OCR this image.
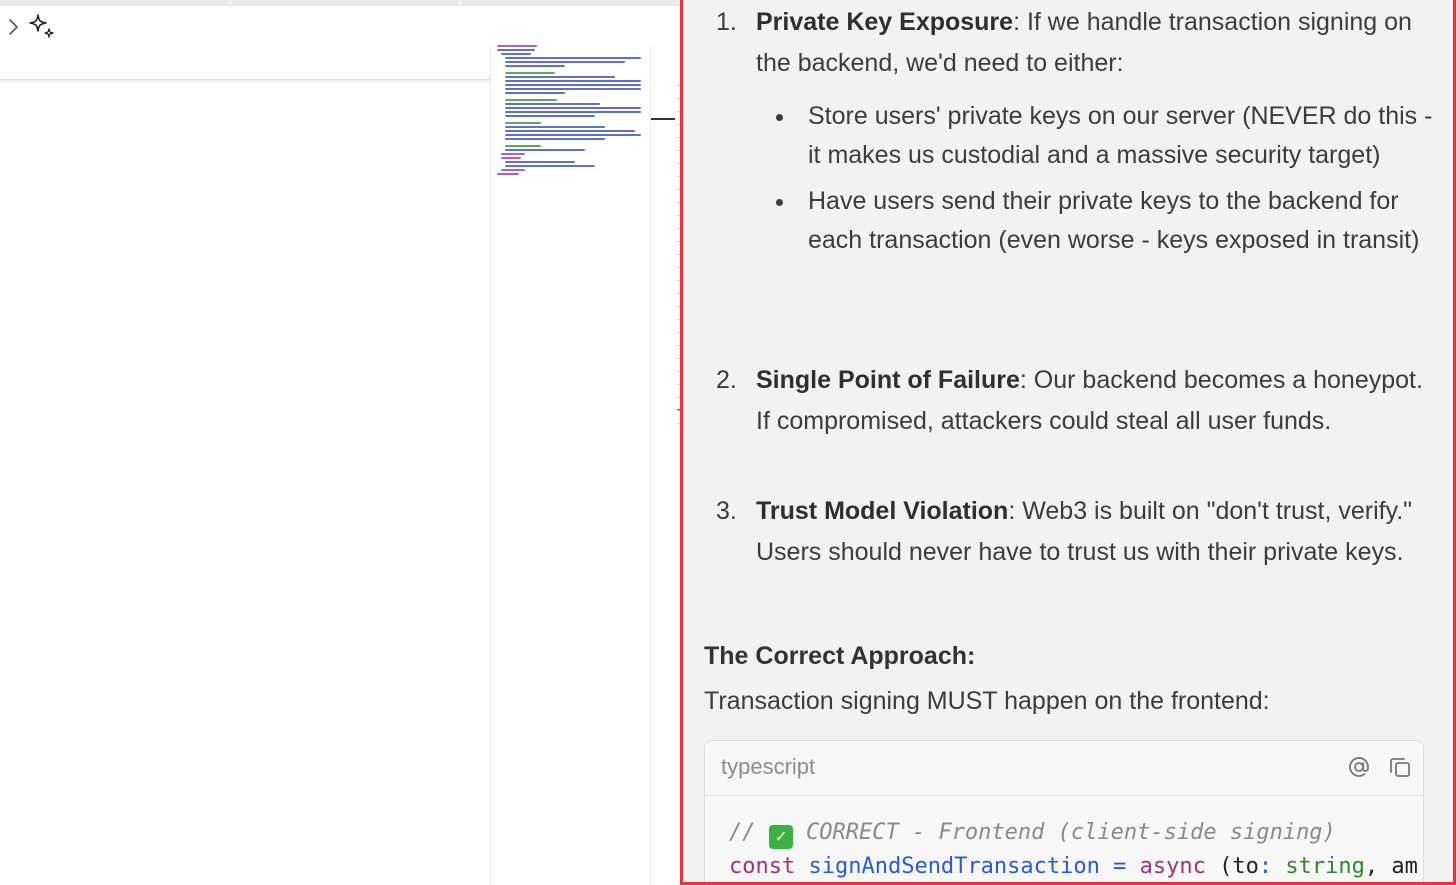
1. Private Key Exposure: If we handle transaction signing on the backend, we'd need to either:
Store users' private keys on our server (NEVER do this - it makes us custodial and a massive security target)
Have users send their private keys to the backend for each transaction (even worse - keys exposed in transit)
2. Single Point of Failure: Our backend becomes a honeypot. If compromised, attackers could steal all user funds.
3. Trust Model Violation: Web3 is built on "don't trust, verify." Users should never have to trust us with their private keys.
The Correct Approach:
Transaction signing MUST happen on the frontend:
typescript
// ✓ CORRECT - Frontend (client-side signing)
const signAndSendTransaction = async (to: string, am
